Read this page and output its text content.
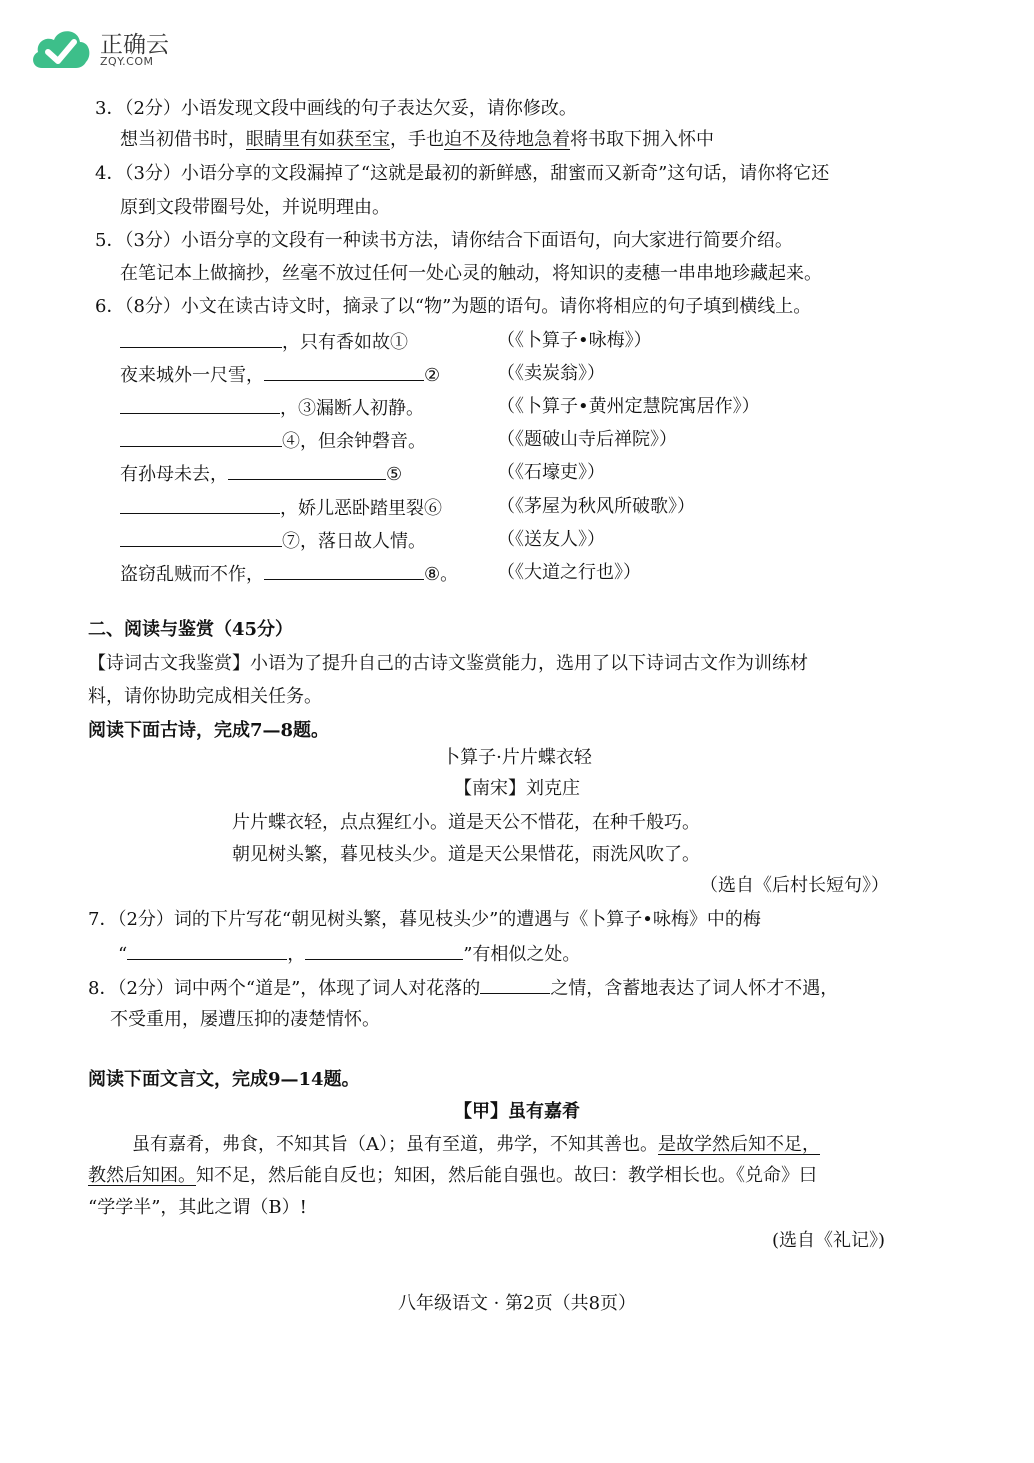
正确云
ZQY.COM
3．（2分）小语发现文段中画线的句子表达欠妥，请你修改。
想当初借书时，眼睛里有如获至宝，手也迫不及待地急着将书取下拥入怀中
4．（3分）小语分享的文段漏掉了“这就是最初的新鲜感，甜蜜而又新奇”这句话，请你将它还
原到文段带圈号处，并说明理由。
5．（3分）小语分享的文段有一种读书方法，请你结合下面语句，向大家进行简要介绍。
在笔记本上做摘抄，丝毫不放过任何一处心灵的触动，将知识的麦穗一串串地珍藏起来。
6．（8分）小文在读古诗文时，摘录了以“物”为题的语句。请你将相应的句子填到横线上。
，只有香如故①	（《卜算子•咏梅》）
夜来城外一尺雪，	②	（《卖炭翁》）
，③漏断人初静。	（《卜算子•黄州定慧院寓居作》）
④，但余钟磬音。	（《题破山寺后禅院》）
有孙母未去，	⑤	（《石壕吏》）
，娇儿恶卧踏里裂⑥	（《茅屋为秋风所破歌》）
⑦，落日故人情。	（《送友人》）
盗窃乱贼而不作，	⑧。 （《大道之行也》）
二、阅读与鉴赏（45分）
【诗词古文我鉴赏】小语为了提升自己的古诗文鉴赏能力，选用了以下诗词古文作为训练材
料，请你协助完成相关任务。
阅读下面古诗，完成7—8题。
卜算子·片片蝶衣轻
【南宋】刘克庄
片片蝶衣轻，点点猩红小。道是天公不惜花，在种千般巧。
朝见树头繁，暮见枝头少。道是天公果惜花，雨洗风吹了。
（选自《后村长短句》）
7．（2分）词的下片写花“朝见树头繁，暮见枝头少”的遭遇与《卜算子•咏梅》中的梅
“	，	”有相似之处。
8．（2分）词中两个“道是”，体现了词人对花落的	之情，含蓄地表达了词人怀才不遇，
不受重用，屡遭压抑的凄楚情怀。
阅读下面文言文，完成9—14题。
【甲】虽有嘉肴
虽有嘉肴，弗食，不知其旨（A）；虽有至道，弗学，不知其善也。是故学然后知不足，
教然后知困。知不足，然后能自反也；知困，然后能自强也。故曰：教学相长也。《兑命》曰
“学学半”，其此之谓（B）!
(选自《礼记》)
八年级语文 · 第2页（共8页）
